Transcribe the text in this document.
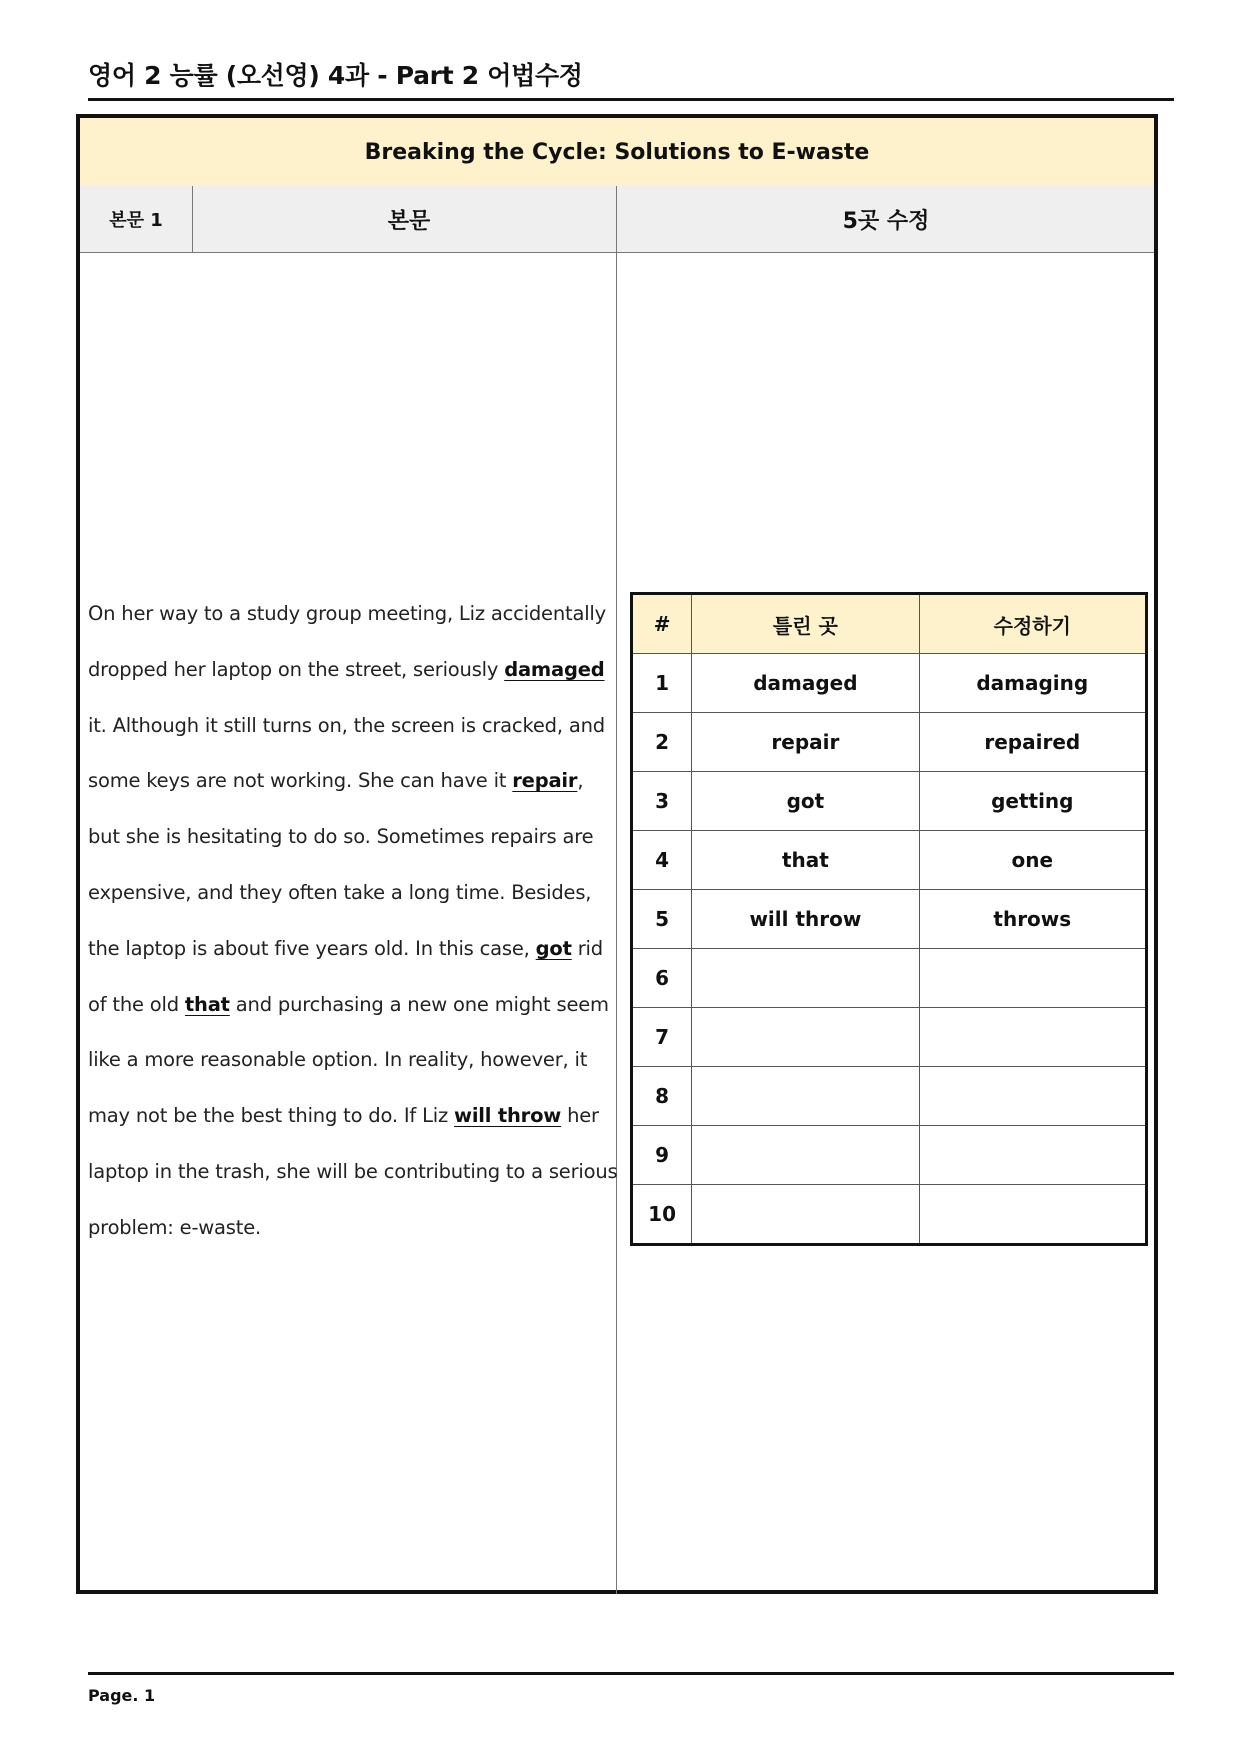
영어 2 능률 (오선영) 4과 - Part 2 어법수정
Breaking the Cycle: Solutions to E-waste
본문 1	본문	5곳 수정
On her way to a study group meeting, Liz accidentally dropped her laptop on the street, seriously damaged it. Although it still turns on, the screen is cracked, and some keys are not working. She can have it repair, but she is hesitating to do so. Sometimes repairs are expensive, and they often take a long time. Besides, the laptop is about five years old. In this case, got rid of the old that and purchasing a new one might seem like a more reasonable option. In reality, however, it may not be the best thing to do. If Liz will throw her laptop in the trash, she will be contributing to a serious problem: e-waste.
#	틀린 곳	수정하기
1	damaged	damaging
2	repair	repaired
3	got	getting
4	that	one
5	will throw	throws
6		
7		
8		
9		
10		
Page. 1
